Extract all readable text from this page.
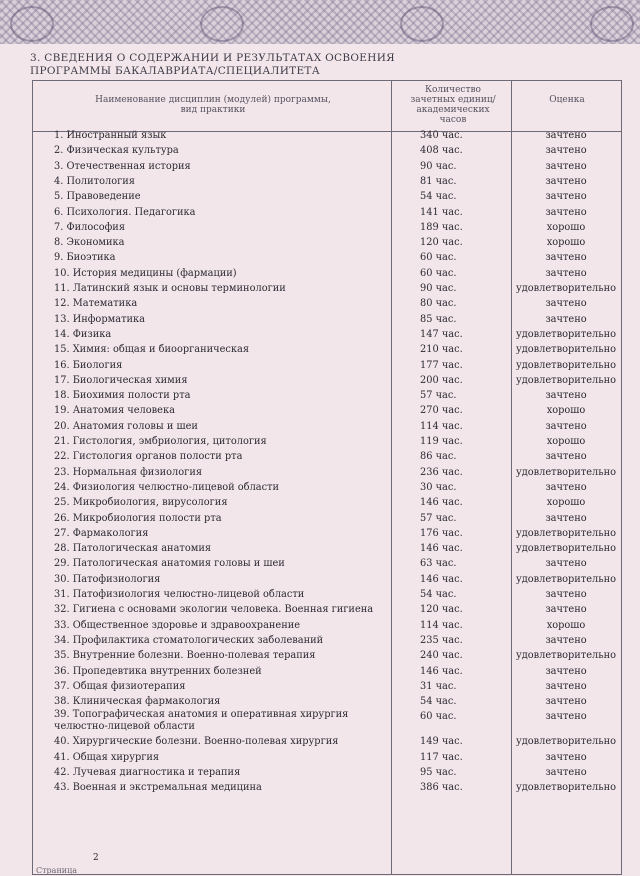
3. СВЕДЕНИЯ О СОДЕРЖАНИИ И РЕЗУЛЬТАТАХ ОСВОЕНИЯ ПРОГРАММЫ БАКАЛАВРИАТА/СПЕЦИАЛИТЕТА
Наименование дисциплин (модулей) программы, вид практики
Количество зачетных единиц/ академических часов
Оценка
1. Иностранный язык	340 час.	зачтено
2. Физическая культура	408 час.	зачтено
3. Отечественная история	90 час.	зачтено
4. Политология	81 час.	зачтено
5. Правоведение	54 час.	зачтено
6. Психология. Педагогика	141 час.	зачтено
7. Философия	189 час.	хорошо
8. Экономика	120 час.	хорошо
9. Биоэтика	60 час.	зачтено
10. История медицины (фармации)	60 час.	зачтено
11. Латинский язык и основы терминологии	90 час.	удовлетворительно
12. Математика	80 час.	зачтено
13. Информатика	85 час.	зачтено
14. Физика	147 час.	удовлетворительно
15. Химия: общая и биоорганическая	210 час.	удовлетворительно
16. Биология	177 час.	удовлетворительно
17. Биологическая химия	200 час.	удовлетворительно
18. Биохимия полости рта	57 час.	зачтено
19. Анатомия человека	270 час.	хорошо
20. Анатомия головы и шеи	114 час.	зачтено
21. Гистология, эмбриология, цитология	119 час.	хорошо
22. Гистология органов полости рта	86 час.	зачтено
23. Нормальная физиология	236 час.	удовлетворительно
24. Физиология челюстно-лицевой области	30 час.	зачтено
25. Микробиология, вирусология	146 час.	хорошо
26. Микробиология полости рта	57 час.	зачтено
27. Фармакология	176 час.	удовлетворительно
28. Патологическая анатомия	146 час.	удовлетворительно
29. Патологическая анатомия головы и шеи	63 час.	зачтено
30. Патофизиология	146 час.	удовлетворительно
31. Патофизиология челюстно-лицевой области	54 час.	зачтено
32. Гигиена с основами экологии человека. Военная гигиена	120 час.	зачтено
33. Общественное здоровье и здравоохранение	114 час.	хорошо
34. Профилактика стоматологических заболеваний	235 час.	зачтено
35. Внутренние болезни. Военно-полевая терапия	240 час.	удовлетворительно
36. Пропедевтика внутренних болезней	146 час.	зачтено
37. Общая физиотерапия	31 час.	зачтено
38. Клиническая фармакология	54 час.	зачтено
39. Топографическая анатомия и оперативная хирургия челюстно-лицевой области
60 час.	зачтено
40. Хирургические болезни. Военно-полевая хирургия	149 час.	удовлетворительно
41. Общая хирургия	117 час.	зачтено
42. Лучевая диагностика и терапия	95 час.	зачтено
43. Военная и экстремальная медицина	386 час.	удовлетворительно
2
Страница
